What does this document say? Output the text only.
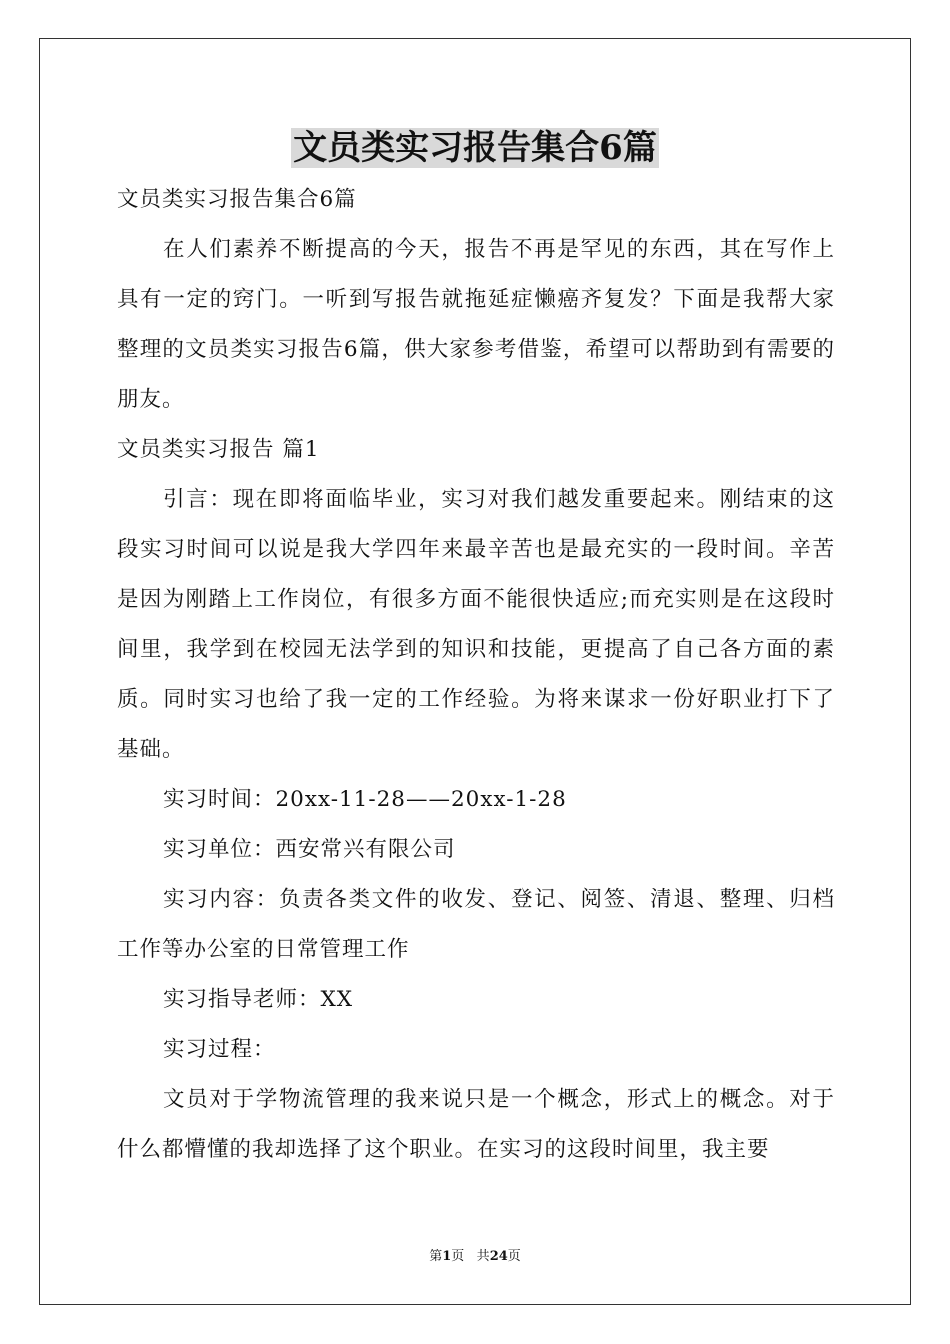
文员类实习报告集合6篇

文员类实习报告集合6篇

在人们素养不断提高的今天，报告不再是罕见的东西，其在写作上具有一定的窍门。一听到写报告就拖延症懒癌齐复发？下面是我帮大家整理的文员类实习报告6篇，供大家参考借鉴，希望可以帮助到有需要的朋友。

文员类实习报告 篇1

引言：现在即将面临毕业，实习对我们越发重要起来。刚结束的这段实习时间可以说是我大学四年来最辛苦也是最充实的一段时间。辛苦是因为刚踏上工作岗位，有很多方面不能很快适应;而充实则是在这段时间里，我学到在校园无法学到的知识和技能，更提高了自己各方面的素质。同时实习也给了我一定的工作经验。为将来谋求一份好职业打下了基础。

实习时间：20xx-11-28——20xx-1-28

实习单位：西安常兴有限公司

实习内容：负责各类文件的收发、登记、阅签、清退、整理、归档工作等办公室的日常管理工作

实习指导老师：XX

实习过程：

文员对于学物流管理的我来说只是一个概念，形式上的概念。对于什么都懵懂的我却选择了这个职业。在实习的这段时间里，我主要

第1页 共24页
